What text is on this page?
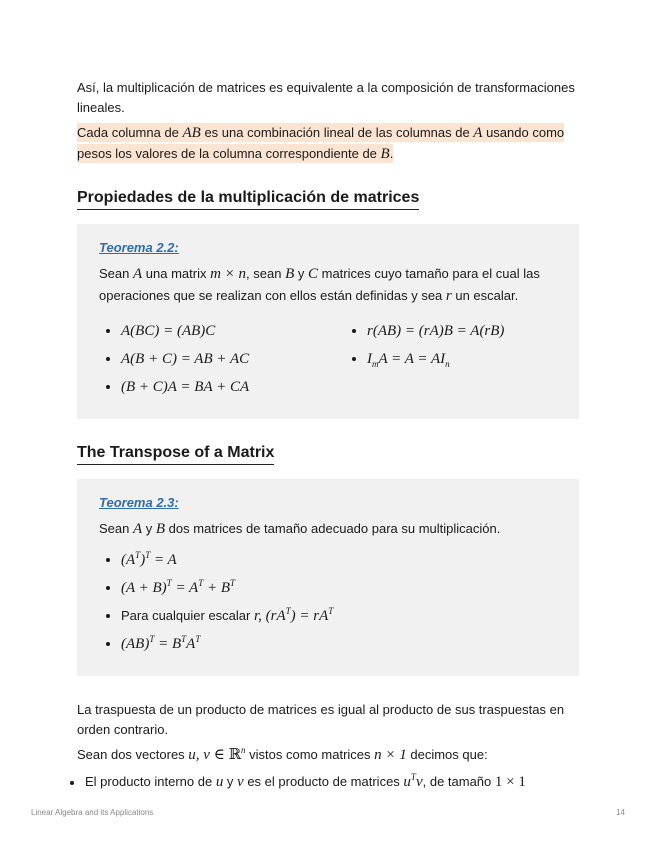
Así, la multiplicación de matrices es equivalente a la composición de transformaciones lineales.

Cada columna de AB es una combinación lineal de las columnas de A usando como pesos los valores de la columna correspondiente de B.

Propiedades de la multiplicación de matrices
Teorema 2.2:

Sean A una matrix m × n, sean B y C matrices cuyo tamaño para el cual las operaciones que se realizan con ellos están definidas y sea r un escalar.

A(BC) = (AB)C
A(B + C) = AB + AC
(B + C)A = BA + CA
r(AB) = (rA)B = A(rB)
$I_mA = A = AI_n$
The Transpose of a Matrix
Teorema 2.3:

Sean A y B dos matrices de tamaño adecuado para su multiplicación.

$(A^T)^T = A$
$(A + B)^T = A^T + B^T$
Para cualquier escalar r, $(rA^T) = rA^T$
$(AB)^T = B^TA^T$

La traspuesta de un producto de matrices es igual al producto de sus traspuestas en orden contrario.

Sean dos vectores u, v ∈ ℝ$^n$ vistos como matrices n × 1 decimos que:

El producto interno de u y v es el producto de matrices $u^Tv$, de tamaño 1 × 1
Linear Algebra and its Applications	14
